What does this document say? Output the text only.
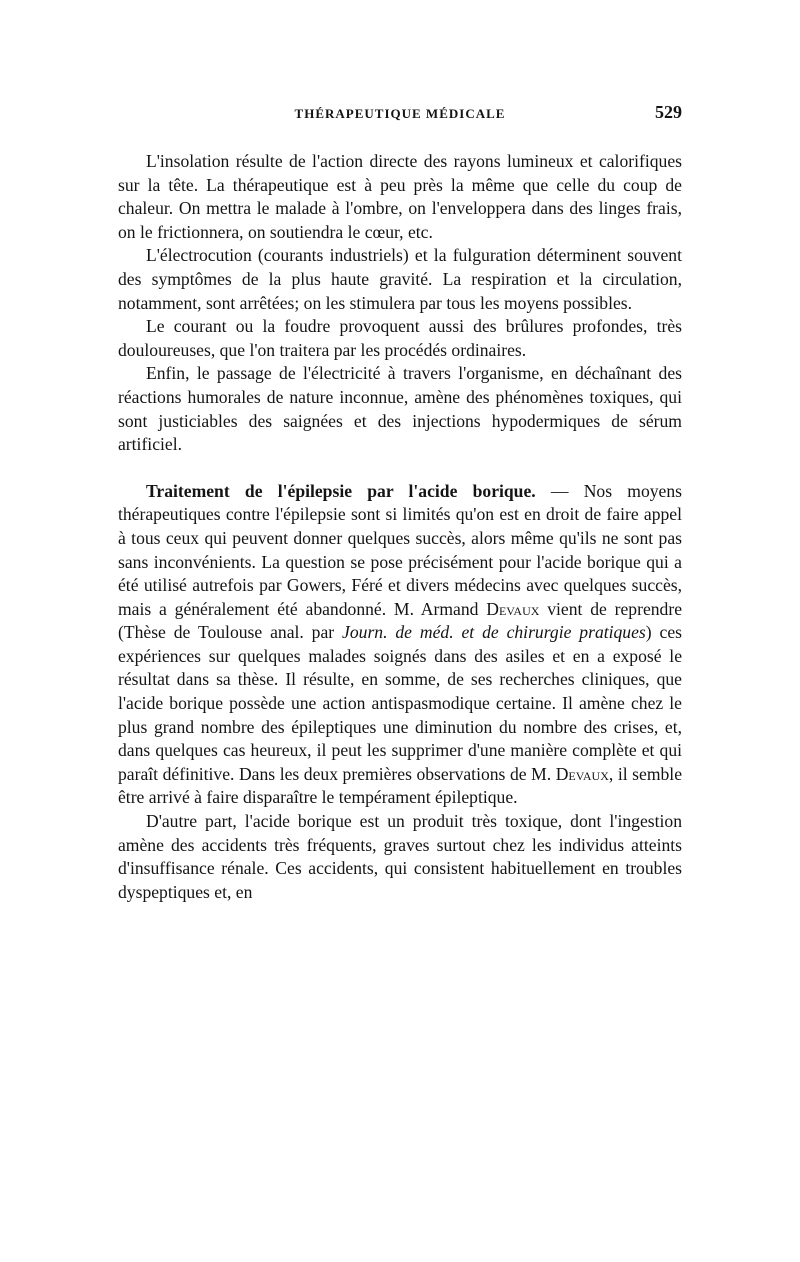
THÉRAPEUTIQUE MÉDICALE	529

L'insolation résulte de l'action directe des rayons lumineux et calorifiques sur la tête. La thérapeutique est à peu près la même que celle du coup de chaleur. On mettra le malade à l'ombre, on l'enveloppera dans des linges frais, on le frictionnera, on soutiendra le cœur, etc.

L'électrocution (courants industriels) et la fulguration déterminent souvent des symptômes de la plus haute gravité. La respiration et la circulation, notamment, sont arrêtées; on les stimulera par tous les moyens possibles.

Le courant ou la foudre provoquent aussi des brûlures profondes, très douloureuses, que l'on traitera par les procédés ordinaires.

Enfin, le passage de l'électricité à travers l'organisme, en déchaînant des réactions humorales de nature inconnue, amène des phénomènes toxiques, qui sont justiciables des saignées et des injections hypodermiques de sérum artificiel.

Traitement de l'épilepsie par l'acide borique. — Nos moyens thérapeutiques contre l'épilepsie sont si limités qu'on est en droit de faire appel à tous ceux qui peuvent donner quelques succès, alors même qu'ils ne sont pas sans inconvénients. La question se pose précisément pour l'acide borique qui a été utilisé autrefois par Gowers, Féré et divers médecins avec quelques succès, mais a généralement été abandonné. M. Armand Devaux vient de reprendre (Thèse de Toulouse anal. par Journ. de méd. et de chirurgie pratiques) ces expériences sur quelques malades soignés dans des asiles et en a exposé le résultat dans sa thèse. Il résulte, en somme, de ses recherches cliniques, que l'acide borique possède une action antispasmodique certaine. Il amène chez le plus grand nombre des épileptiques une diminution du nombre des crises, et, dans quelques cas heureux, il peut les supprimer d'une manière complète et qui paraît définitive. Dans les deux premières observations de M. Devaux, il semble être arrivé à faire disparaître le tempérament épileptique.

D'autre part, l'acide borique est un produit très toxique, dont l'ingestion amène des accidents très fréquents, graves surtout chez les individus atteints d'insuffisance rénale. Ces accidents, qui consistent habituellement en troubles dyspeptiques et, en
